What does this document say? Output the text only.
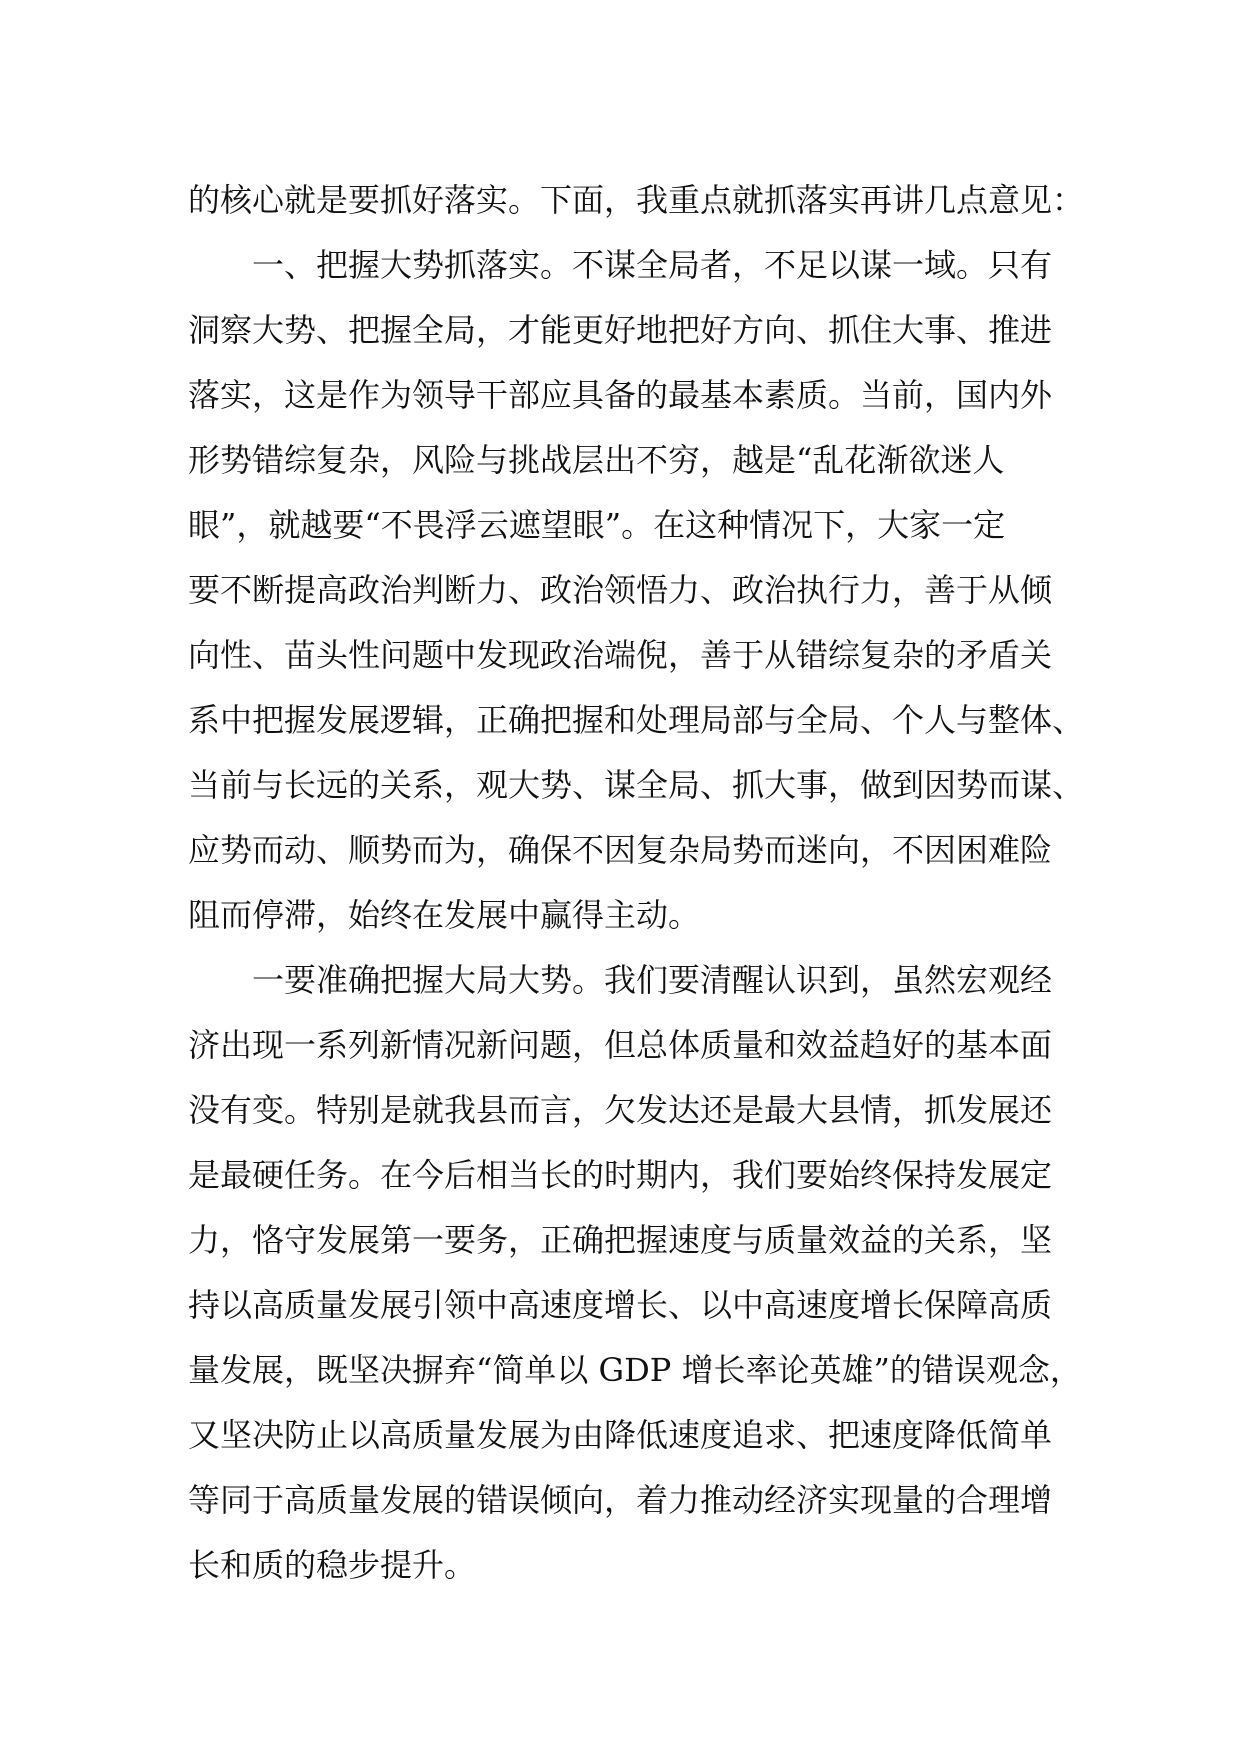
的核心就是要抓好落实。下面，我重点就抓落实再讲几点意见：
一、把握大势抓落实。不谋全局者，不足以谋一域。只有
洞察大势、把握全局，才能更好地把好方向、抓住大事、推进
落实，这是作为领导干部应具备的最基本素质。当前，国内外
形势错综复杂，风险与挑战层出不穷，越是“乱花渐欲迷人
眼”，就越要“不畏浮云遮望眼”。在这种情况下，大家一定
要不断提高政治判断力、政治领悟力、政治执行力，善于从倾
向性、苗头性问题中发现政治端倪，善于从错综复杂的矛盾关
系中把握发展逻辑，正确把握和处理局部与全局、个人与整体、
当前与长远的关系，观大势、谋全局、抓大事，做到因势而谋、
应势而动、顺势而为，确保不因复杂局势而迷向，不因困难险
阻而停滞，始终在发展中赢得主动。
一要准确把握大局大势。我们要清醒认识到，虽然宏观经
济出现一系列新情况新问题，但总体质量和效益趋好的基本面
没有变。特别是就我县而言，欠发达还是最大县情，抓发展还
是最硬任务。在今后相当长的时期内，我们要始终保持发展定
力，恪守发展第一要务，正确把握速度与质量效益的关系，坚
持以高质量发展引领中高速度增长、以中高速度增长保障高质
量发展，既坚决摒弃“简单以 GDP 增长率论英雄”的错误观念，
又坚决防止以高质量发展为由降低速度追求、把速度降低简单
等同于高质量发展的错误倾向，着力推动经济实现量的合理增
长和质的稳步提升。
